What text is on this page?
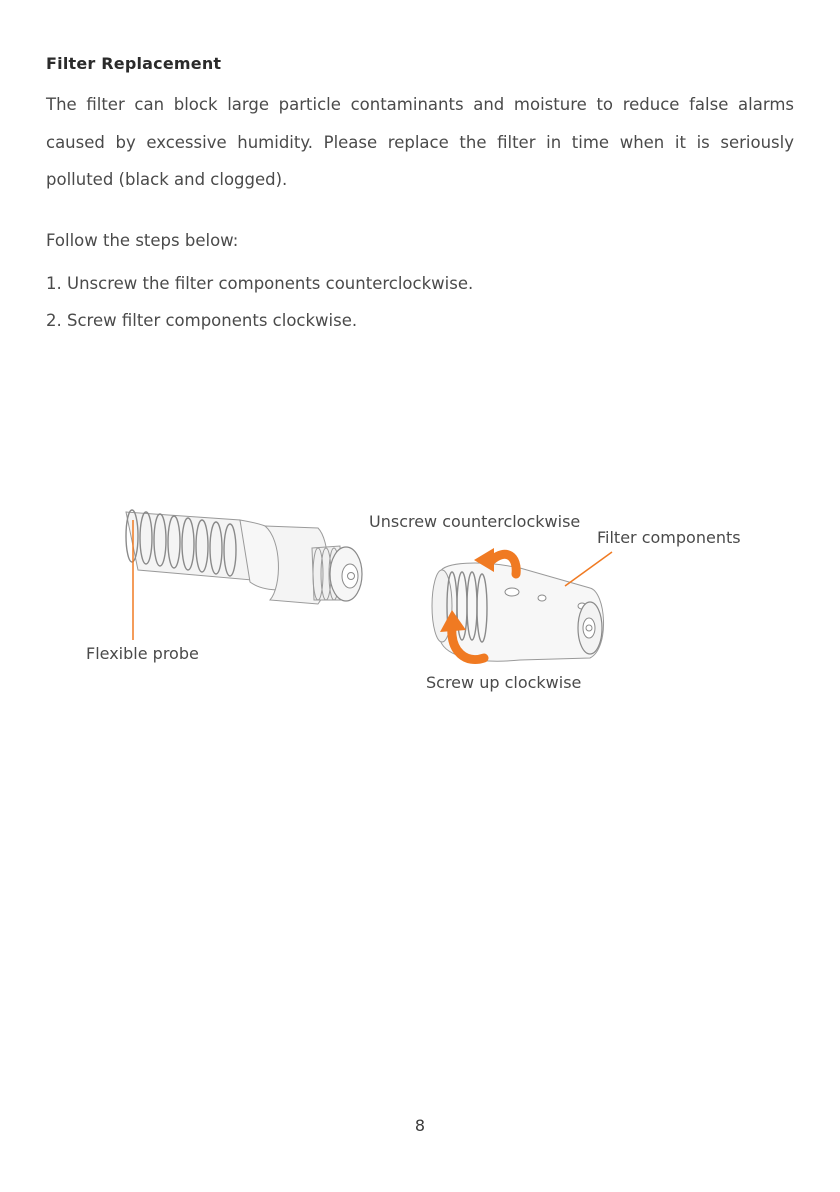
Filter Replacement

The filter can block large particle contaminants and moisture to reduce false alarms caused by excessive humidity. Please replace the filter in time when it is seriously polluted (black and clogged).

Follow the steps below:
1. Unscrew the filter components counterclockwise.
2. Screw filter components clockwise.
Unscrew counterclockwise
Filter components
Flexible probe
Screw up clockwise
8
